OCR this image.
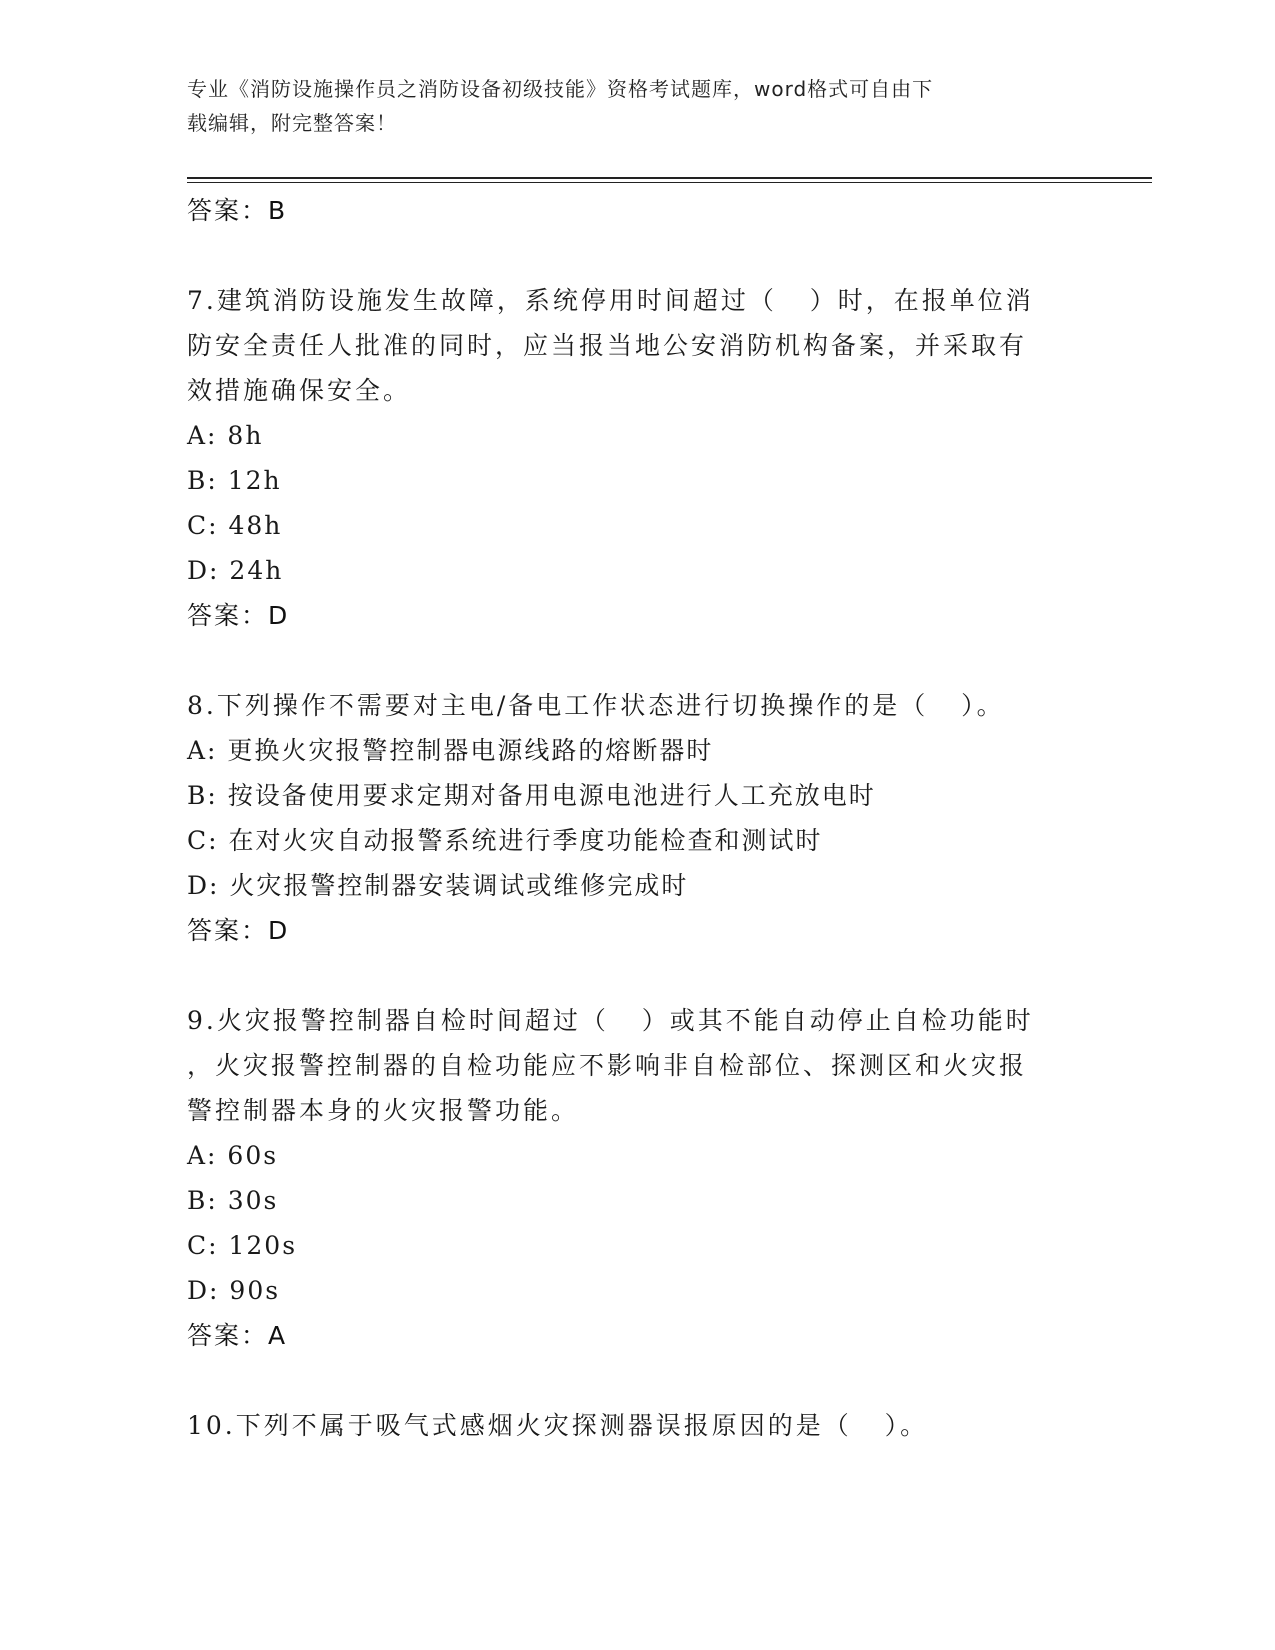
专业《消防设施操作员之消防设备初级技能》资格考试题库，word格式可自由下
载编辑，附完整答案！
答案：B
7.建筑消防设施发生故障，系统停用时间超过（   ）时，在报单位消
防安全责任人批准的同时，应当报当地公安消防机构备案，并采取有
效措施确保安全。
A: 8h
B: 12h
C: 48h
D: 24h
答案：D
8.下列操作不需要对主电/备电工作状态进行切换操作的是（   ）。
A: 更换火灾报警控制器电源线路的熔断器时
B: 按设备使用要求定期对备用电源电池进行人工充放电时
C: 在对火灾自动报警系统进行季度功能检查和测试时
D: 火灾报警控制器安装调试或维修完成时
答案：D
9.火灾报警控制器自检时间超过（   ）或其不能自动停止自检功能时
，火灾报警控制器的自检功能应不影响非自检部位、探测区和火灾报
警控制器本身的火灾报警功能。
A: 60s
B: 30s
C: 120s
D: 90s
答案：A
10.下列不属于吸气式感烟火灾探测器误报原因的是（   ）。
